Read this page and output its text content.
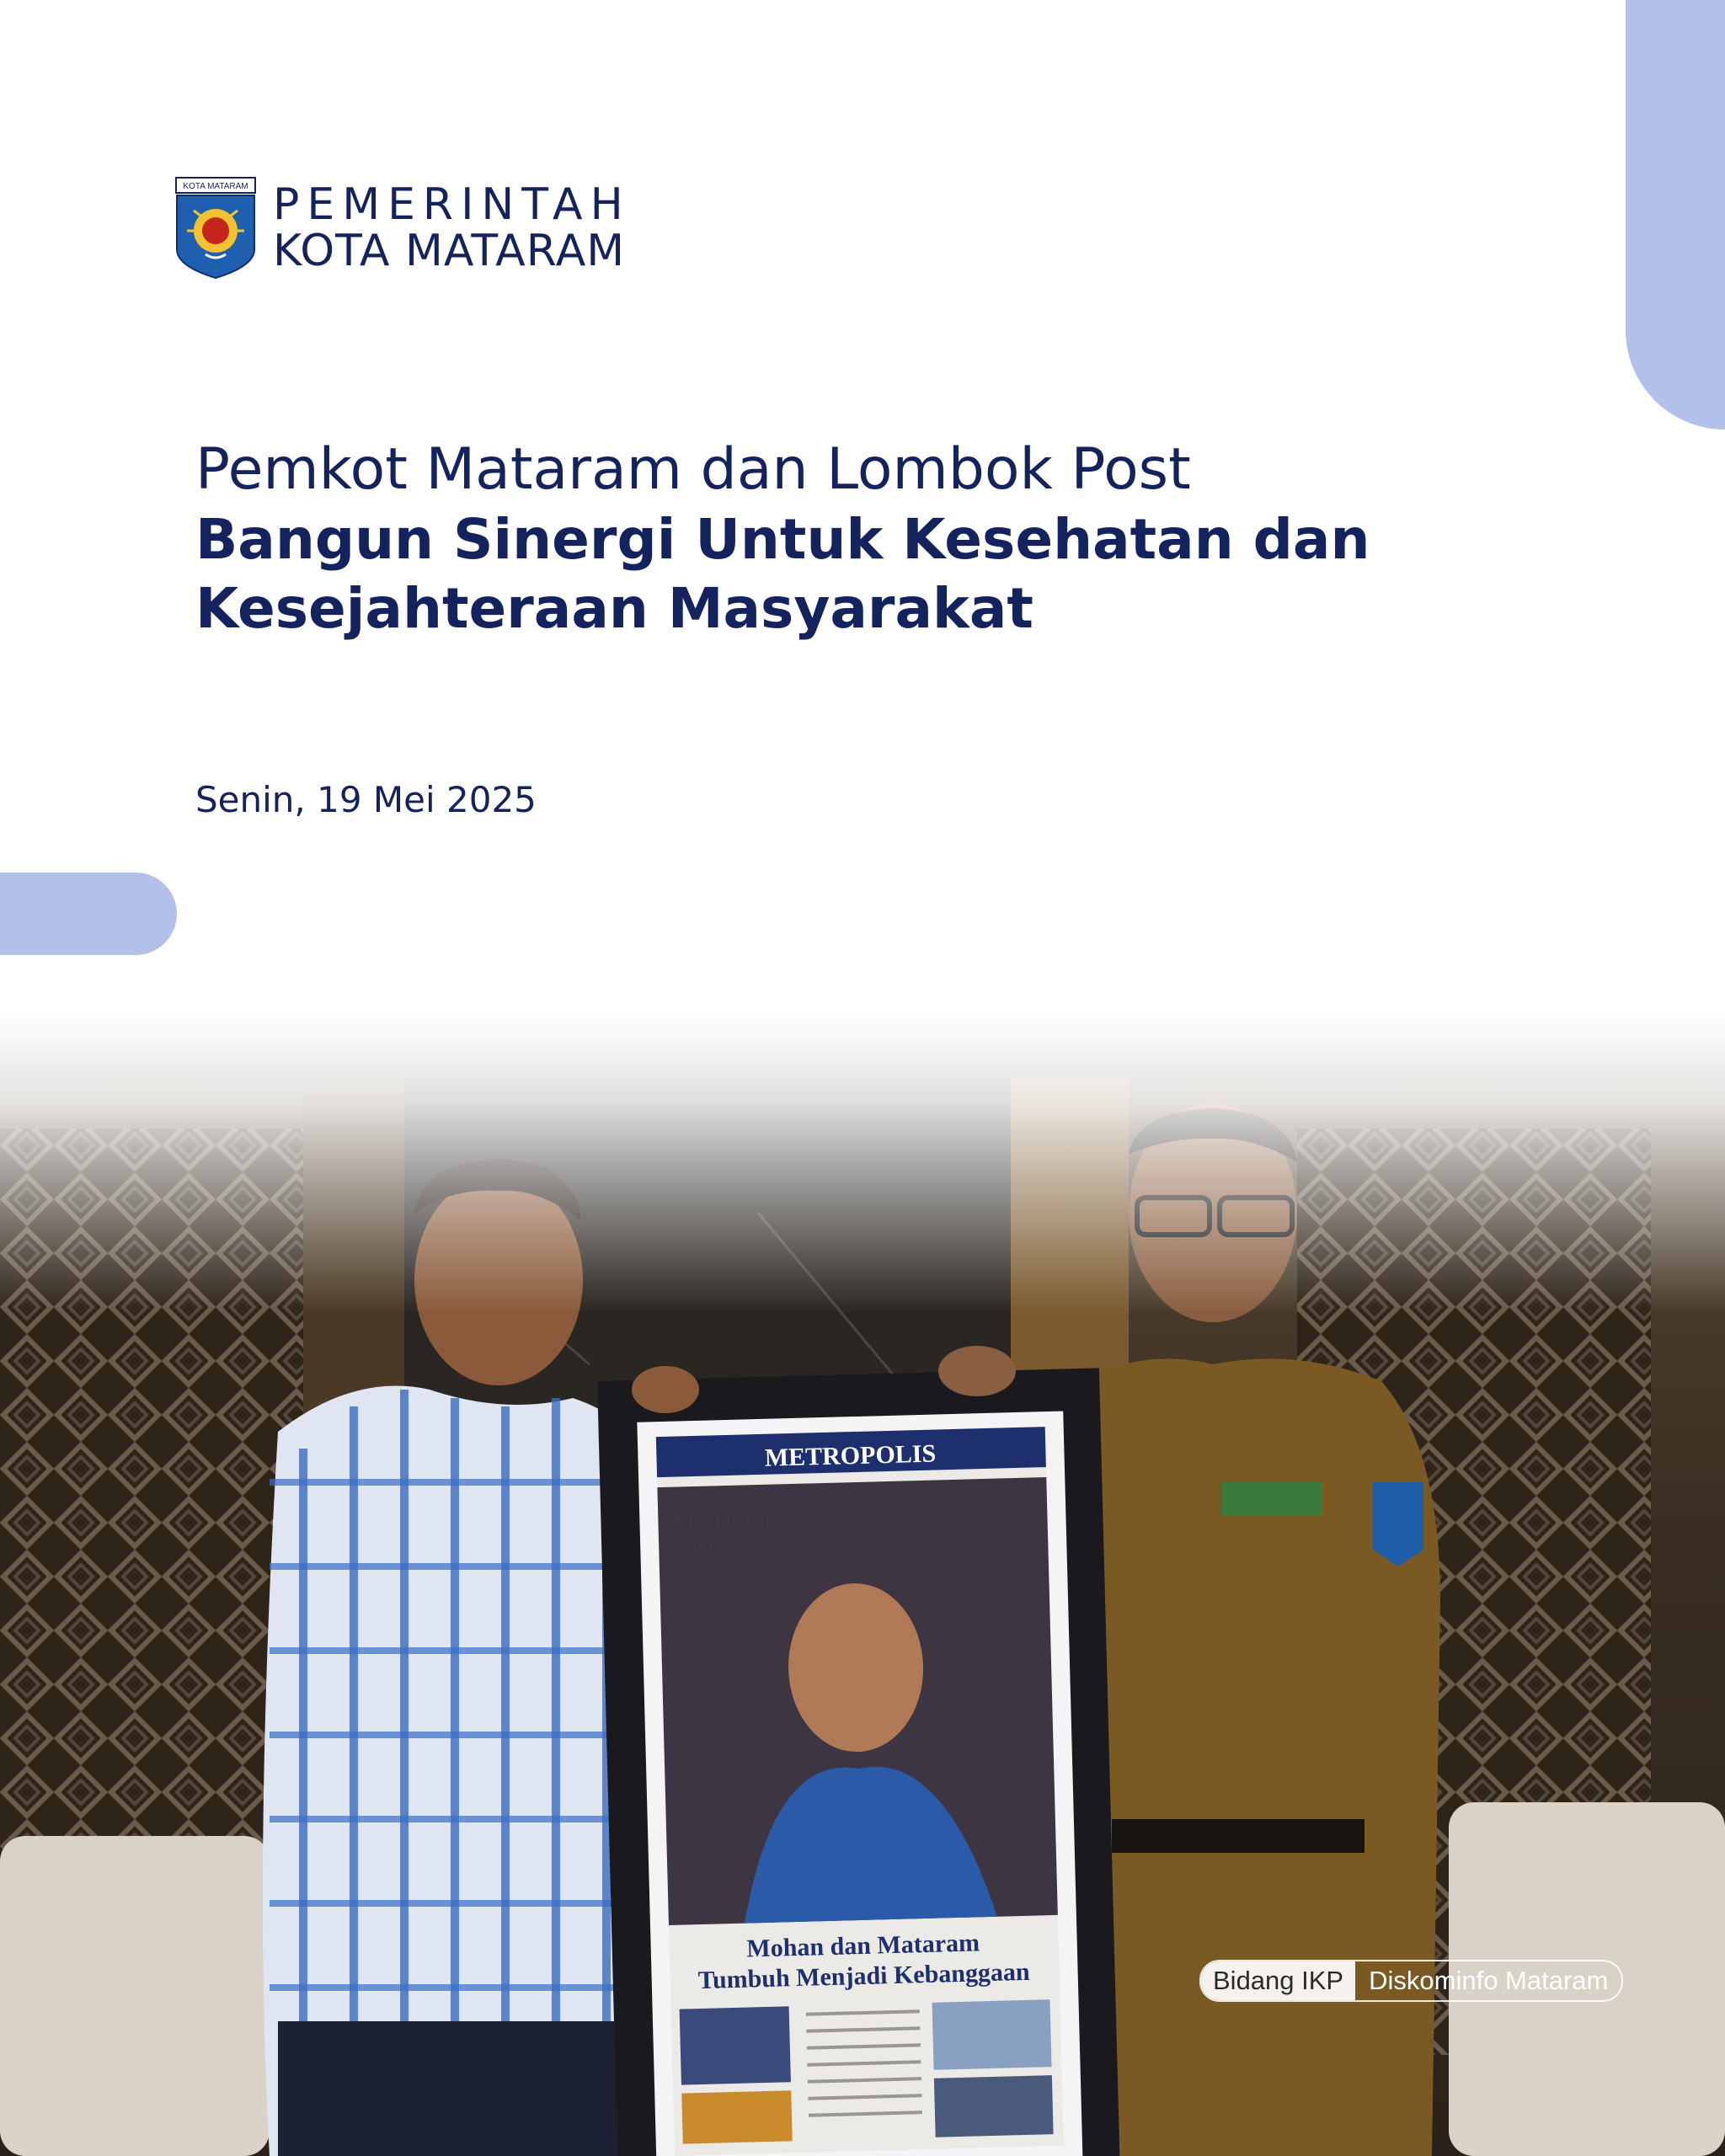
KOTA MATARAM PEMERINTAH
KOTA MATARAM

Pemkot Mataram dan Lombok Post

Bangun Sinergi Untuk Kesehatan dan

Kesejahteraan Masyarakat

Senin, 19 Mei 2025
METROPOLIS
Mohan dan Mataram
Tumbuh Menjadi Kebanggaan	Bidang IKP Diskominfo Mataram
